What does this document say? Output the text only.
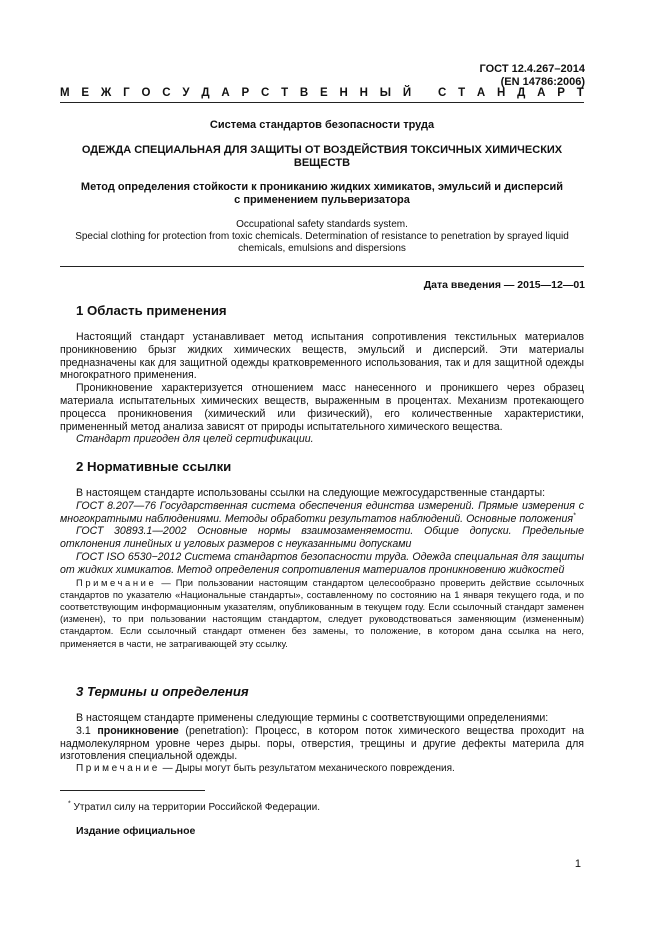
ГОСТ 12.4.267–2014
(EN 14786:2006)
М Е Ж Г О С У Д А Р С Т В Е Н Н Ы Й
С Т А Н Д А Р Т
Система стандартов безопасности труда
ОДЕЖДА СПЕЦИАЛЬНАЯ ДЛЯ ЗАЩИТЫ ОТ ВОЗДЕЙСТВИЯ ТОКСИЧНЫХ ХИМИЧЕСКИХ
ВЕЩЕСТВ
Метод определения стойкости к прониканию жидких химикатов, эмульсий и дисперсий
с применением пульверизатора
Occupational safety standards system.
Special clothing for protection from toxic chemicals. Determination of resistance to penetration by sprayed liquid
chemicals, emulsions and dispersions
Дата введения — 2015—12—01
1 Область применения

Настоящий стандарт устанавливает метод испытания сопротивления текстильных материалов проникновению брызг жидких химических веществ, эмульсий и дисперсий. Эти материалы предназначены как для защитной одежды кратковременного использования, так и для защитной одежды многократного применения.

Проникновение характеризуется отношением масс нанесенного и проникшего через образец материала испытательных химических веществ, выраженным в процентах. Механизм протекающего процесса проникновения (химический или физический), его количественные характеристики, примененный метод анализа зависят от природы испытательного химического вещества.

Стандарт пригоден для целей сертификации.

2 Нормативные ссылки

В настоящем стандарте использованы ссылки на следующие межгосударственные стандарты:

ГОСТ 8.207—76 Государственная система обеспечения единства измерений. Прямые измерения с многократными наблюдениями. Методы обработки результатов наблюдений. Основные положения*

ГОСТ 30893.1—2002 Основные нормы взаимозаменяемости. Общие допуски. Предельные отклонения линейных и угловых размеров с неуказанными допусками

ГОСТ ISO 6530−2012 Система стандартов безопасности труда. Одежда специальная для защиты от жидких химикатов. Метод определения сопротивления материалов проникновению жидкостей

Примечание — При пользовании настоящим стандартом целесообразно проверить действие ссылочных стандартов по указателю «Национальные стандарты», составленному по состоянию на 1 января текущего года, и по соответствующим информационным указателям, опубликованным в текущем году. Если ссылочный стандарт заменен (изменен), то при пользовании настоящим стандартом, следует руководствоваться заменяющим (измененным) стандартом. Если ссылочный стандарт отменен без замены, то положение, в котором дана ссылка на него, применяется в части, не затрагивающей эту ссылку.

3 Термины и определения

В настоящем стандарте применены следующие термины с соответствующими определениями:

3.1 проникновение (penetration): Процесс, в котором поток химического вещества проходит на надмолекулярном уровне через дыры. поры, отверстия, трещины и другие дефекты материла для изготовления специальной одежды.

Примечание — Дыры могут быть результатом механического повреждения.

* Утратил силу на территории Российской Федерации.
Издание официальное
1
